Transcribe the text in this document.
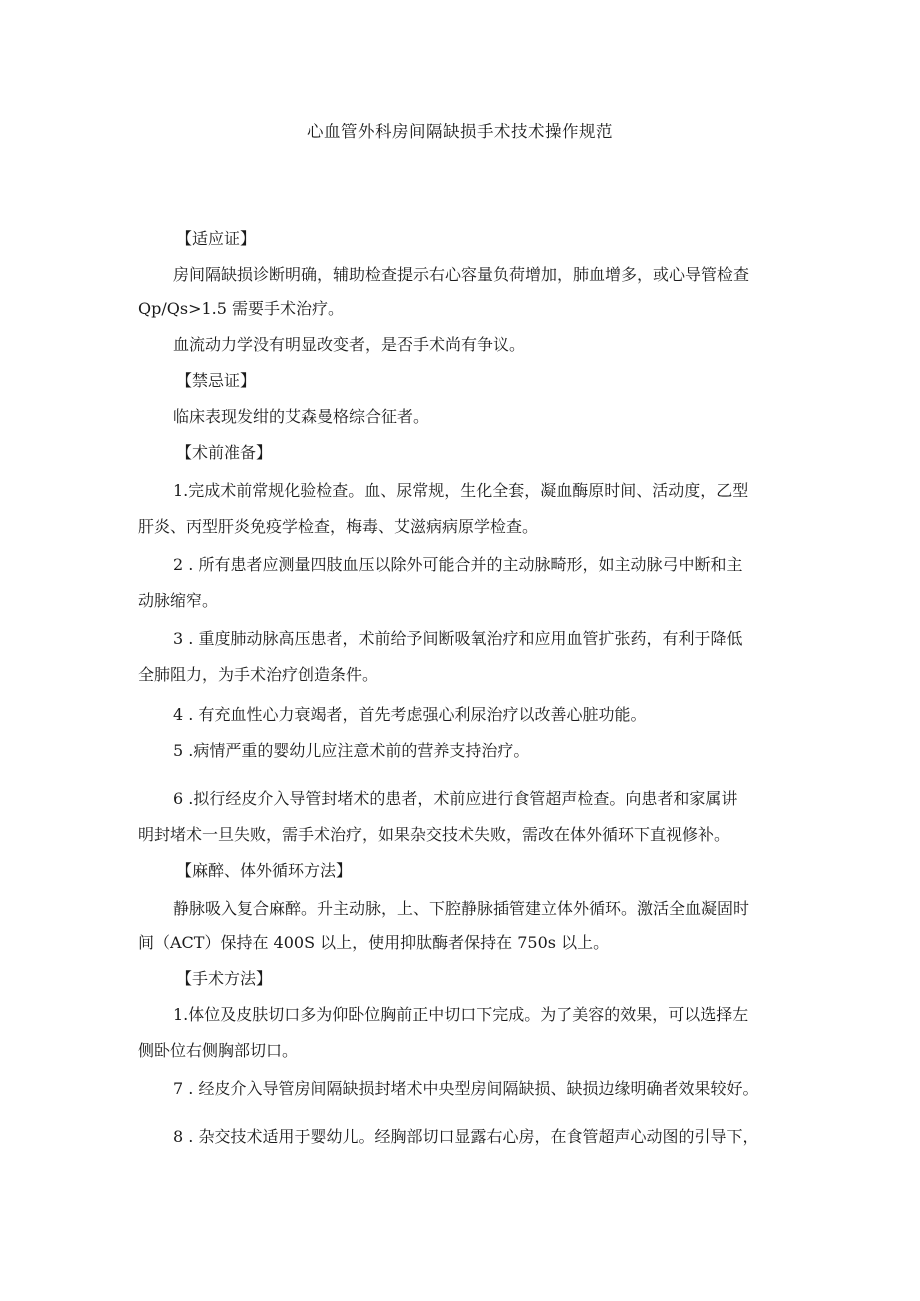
心血管外科房间隔缺损手术技术操作规范
【适应证】
房间隔缺损诊断明确，辅助检查提示右心容量负荷增加，肺血增多，或心导管检查
Qp/Qs>1.5 需要手术治疗。
血流动力学没有明显改变者，是否手术尚有争议。
【禁忌证】
临床表现发绀的艾森曼格综合征者。
【术前准备】
1.完成术前常规化验检查。血、尿常规，生化全套，凝血酶原时间、活动度，乙型
肝炎、丙型肝炎免疫学检查，梅毒、艾滋病病原学检查。
2 . 所有患者应测量四肢血压以除外可能合并的主动脉畸形，如主动脉弓中断和主
动脉缩窄。
3 . 重度肺动脉高压患者，术前给予间断吸氧治疗和应用血管扩张药，有利于降低
全肺阻力，为手术治疗创造条件。
4 . 有充血性心力衰竭者，首先考虑强心利尿治疗以改善心脏功能。
5 .病情严重的婴幼儿应注意术前的营养支持治疗。
6 .拟行经皮介入导管封堵术的患者，术前应进行食管超声检查。向患者和家属讲
明封堵术一旦失败，需手术治疗，如果杂交技术失败，需改在体外循环下直视修补。
【麻醉、体外循环方法】
静脉吸入复合麻醉。升主动脉，上、下腔静脉插管建立体外循环。激活全血凝固时
间（ACT）保持在 400S 以上，使用抑肽酶者保持在 750s 以上。
【手术方法】
1.体位及皮肤切口多为仰卧位胸前正中切口下完成。为了美容的效果，可以选择左
侧卧位右侧胸部切口。
7 . 经皮介入导管房间隔缺损封堵术中央型房间隔缺损、缺损边缘明确者效果较好。
8 . 杂交技术适用于婴幼儿。经胸部切口显露右心房，在食管超声心动图的引导下，
